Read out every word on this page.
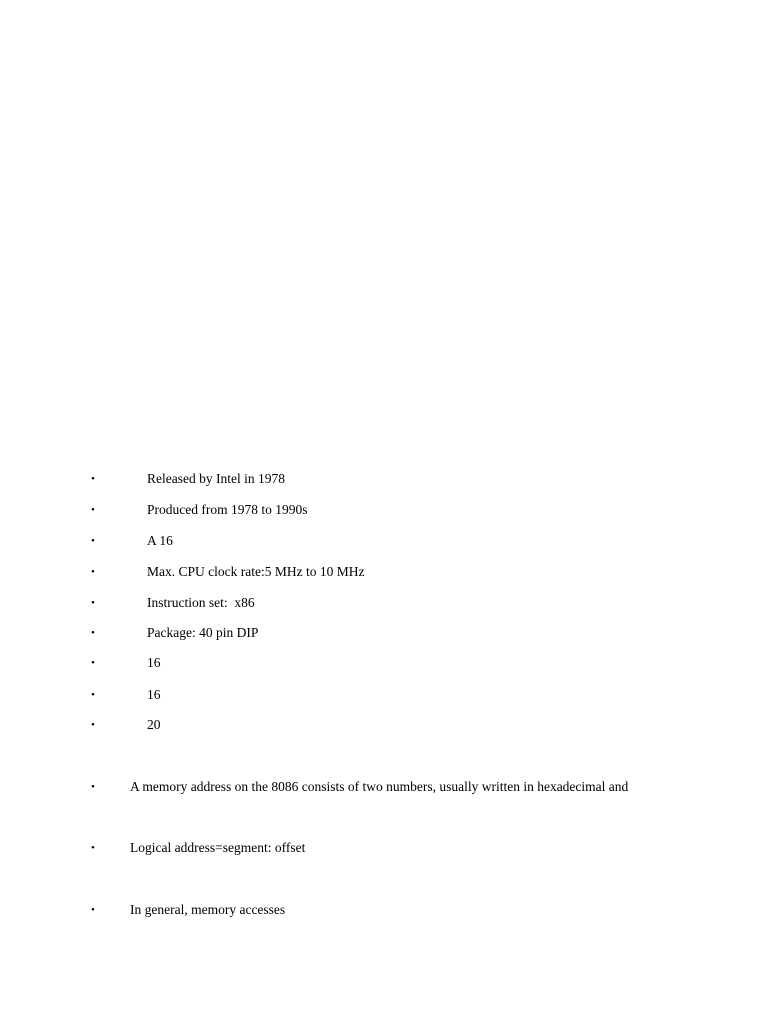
•	Released by Intel in 1978
•	Produced from 1978 to 1990s
•	A 16
•	Max. CPU clock rate:5 MHz to 10 MHz
•	Instruction set:  x86
•	Package: 40 pin DIP
•	16
•	16
•	20
•	A memory address on the 8086 consists of two numbers, usually written in hexadecimal and
•	Logical address=segment: offset
•	In general, memory accesses
